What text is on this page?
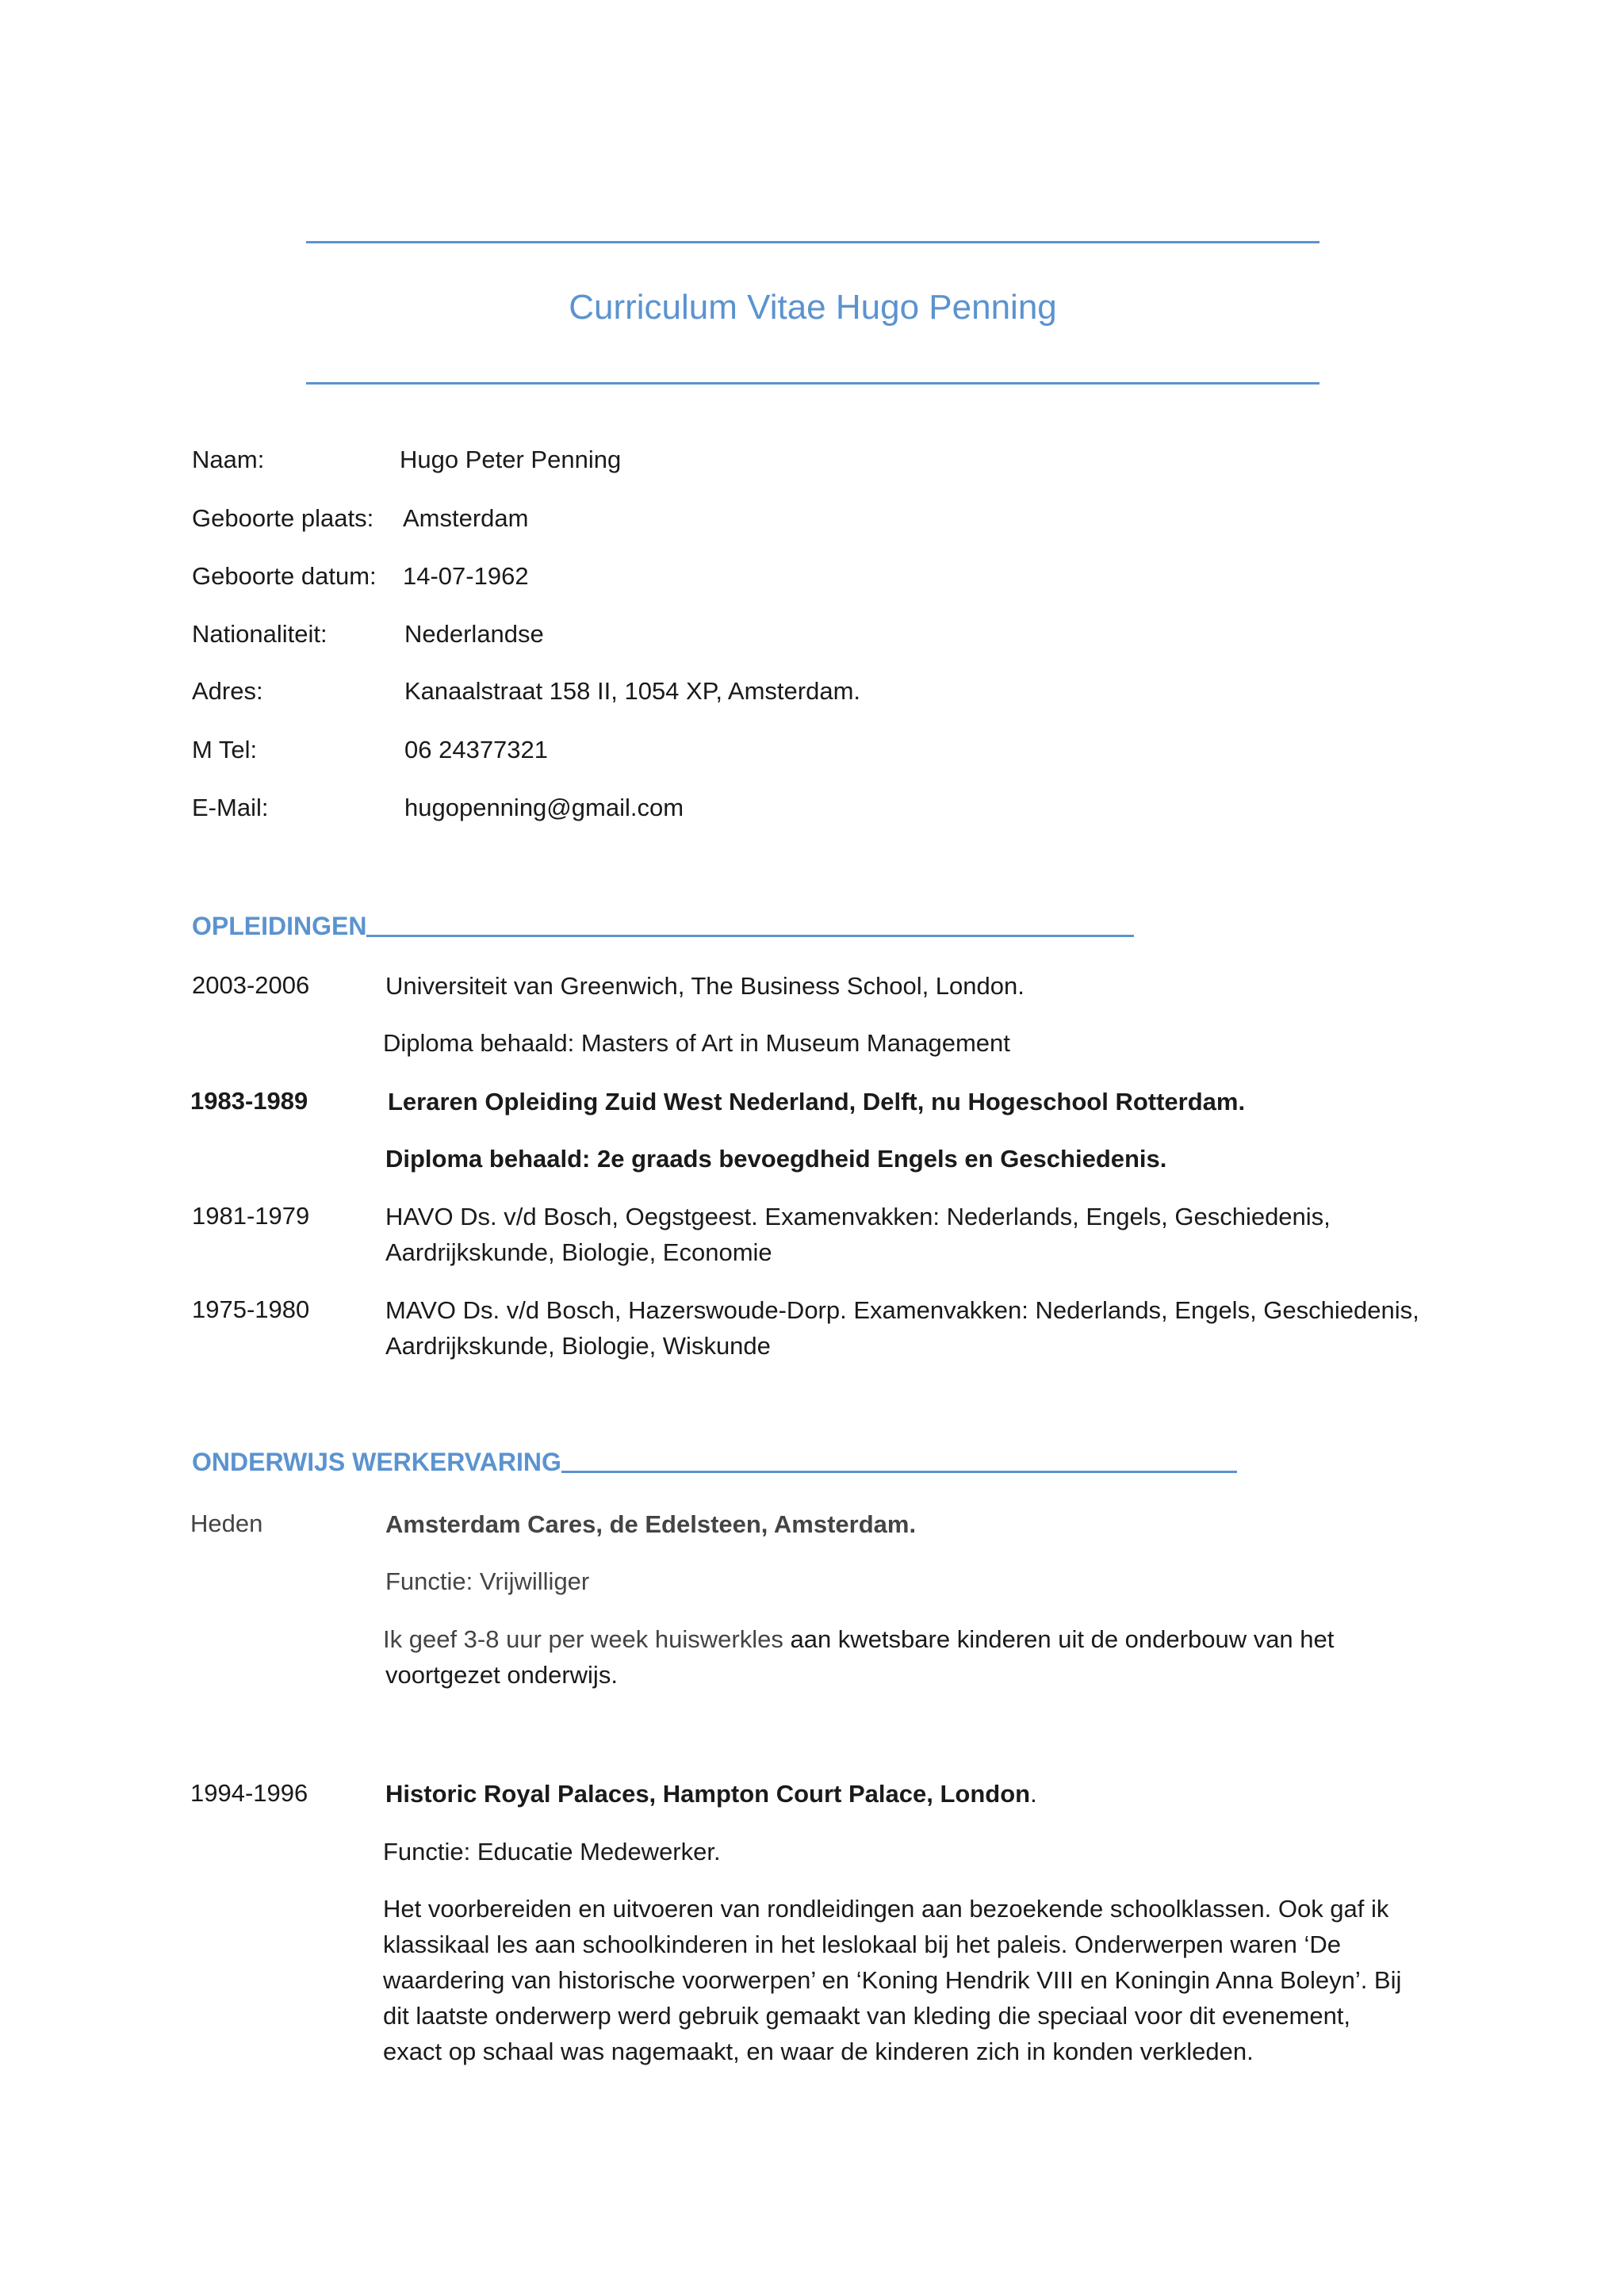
Curriculum Vitae Hugo Penning
Naam:	Hugo Peter Penning
Geboorte plaats: Amsterdam
Geboorte datum: 14-07-1962
Nationaliteit:	Nederlandse
Adres:	Kanaalstraat 158 II, 1054 XP, Amsterdam.
M Tel:	06 24377321
E-Mail:	hugopenning@gmail.com
OPLEIDINGEN
2003-2006	Universiteit van Greenwich, The Business School, London.
Diploma behaald: Masters of Art in Museum Management
1983-1989	Leraren Opleiding Zuid West Nederland, Delft, nu Hogeschool Rotterdam.
Diploma behaald: 2e graads bevoegdheid Engels en Geschiedenis.
1981-1979	HAVO Ds. v/d Bosch, Oegstgeest. Examenvakken: Nederlands, Engels, Geschiedenis,
Aardrijkskunde, Biologie, Economie
1975-1980	MAVO Ds. v/d Bosch, Hazerswoude-Dorp. Examenvakken: Nederlands, Engels, Geschiedenis,
Aardrijkskunde, Biologie, Wiskunde
ONDERWIJS WERKERVARING
Heden	Amsterdam Cares, de Edelsteen, Amsterdam.
Functie: Vrijwilliger
Ik geef 3-8 uur per week huiswerkles aan kwetsbare kinderen uit de onderbouw van het
voortgezet onderwijs.
1994-1996	Historic Royal Palaces, Hampton Court Palace, London.
Functie: Educatie Medewerker.
Het voorbereiden en uitvoeren van rondleidingen aan bezoekende schoolklassen. Ook gaf ik
klassikaal les aan schoolkinderen in het leslokaal bij het paleis. Onderwerpen waren ‘De
waardering van historische voorwerpen’ en ‘Koning Hendrik VIII en Koningin Anna Boleyn’. Bij
dit laatste onderwerp werd gebruik gemaakt van kleding die speciaal voor dit evenement,
exact op schaal was nagemaakt, en waar de kinderen zich in konden verkleden.
